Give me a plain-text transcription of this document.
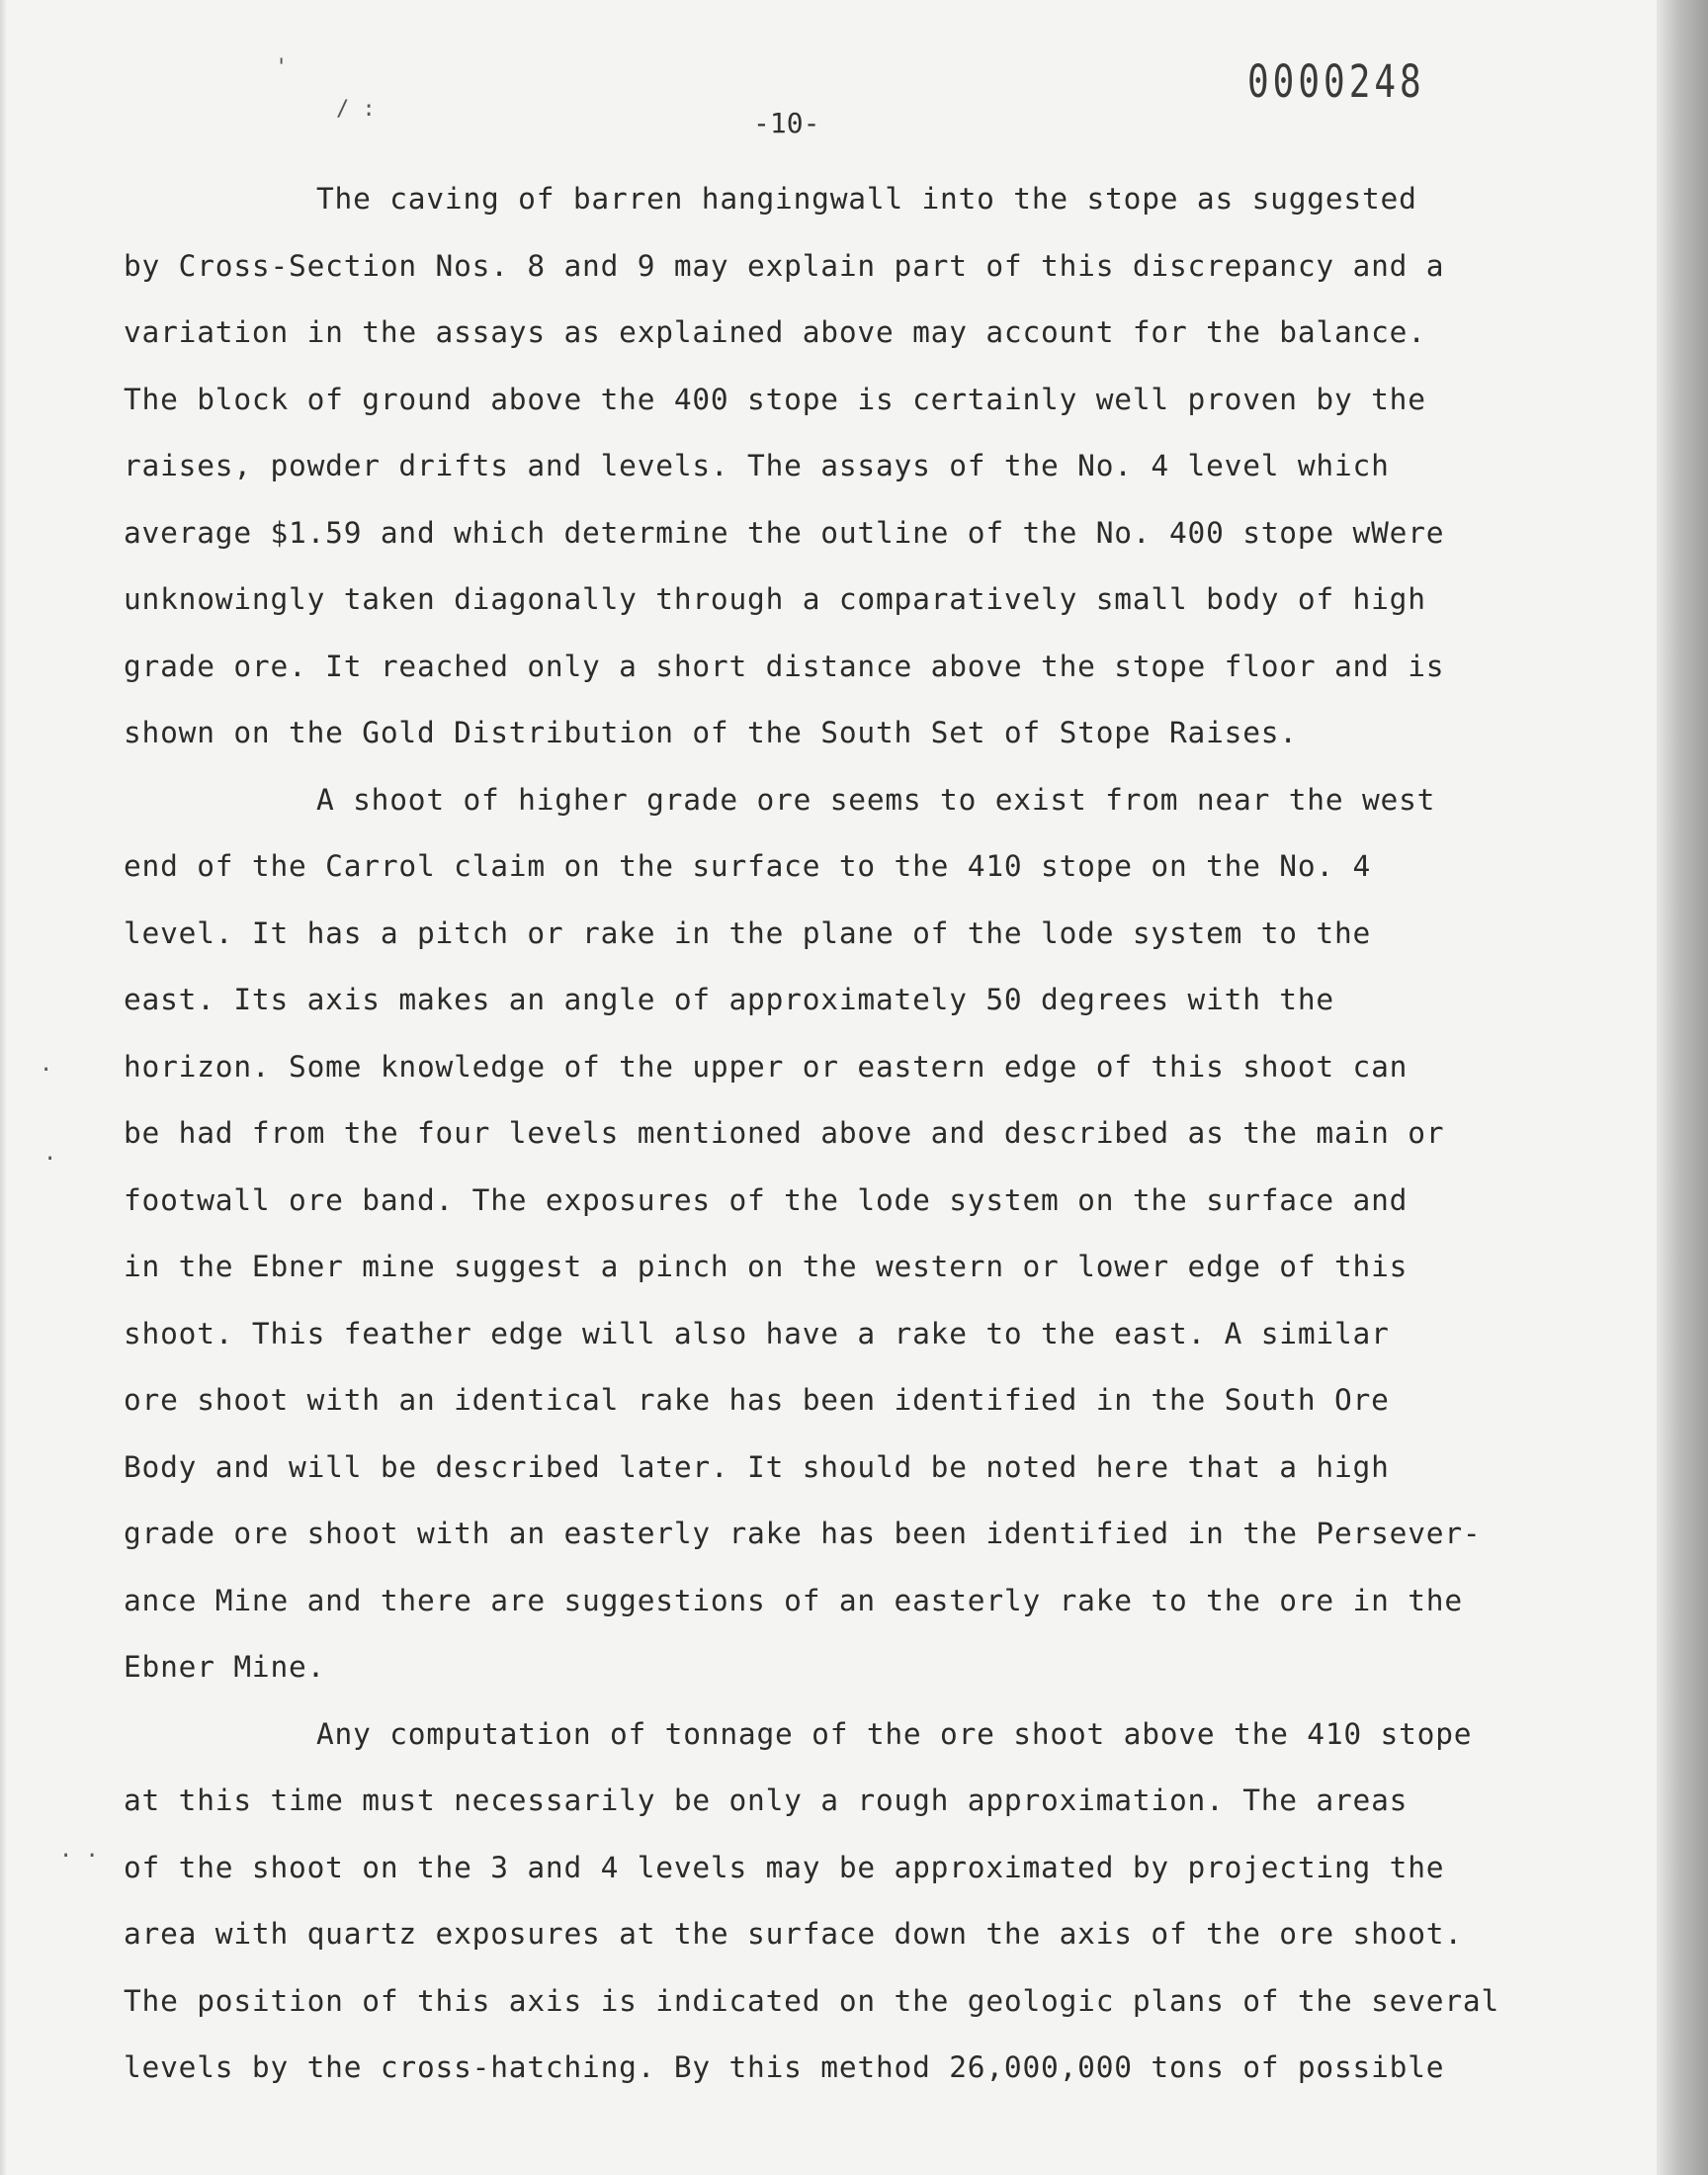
0000248
-10-
The caving of barren hangingwall into the stope as suggested
by Cross-Section Nos. 8 and 9 may explain part of this discrepancy and a
variation in the assays as explained above may account for the balance.
The block of ground above the 400 stope is certainly well proven by the
raises, powder drifts and levels. The assays of the No. 4 level which
average $1.59 and which determine the outline of the No. 400 stope wWere
unknowingly taken diagonally through a comparatively small body of high
grade ore. It reached only a short distance above the stope floor and is
shown on the Gold Distribution of the South Set of Stope Raises.
A shoot of higher grade ore seems to exist from near the west
end of the Carrol claim on the surface to the 410 stope on the No. 4
level. It has a pitch or rake in the plane of the lode system to the
east. Its axis makes an angle of approximately 50 degrees with the
horizon. Some knowledge of the upper or eastern edge of this shoot can
be had from the four levels mentioned above and described as the main or
footwall ore band. The exposures of the lode system on the surface and
in the Ebner mine suggest a pinch on the western or lower edge of this
shoot. This feather edge will also have a rake to the east. A similar
ore shoot with an identical rake has been identified in the South Ore
Body and will be described later. It should be noted here that a high
grade ore shoot with an easterly rake has been identified in the Persever-
ance Mine and there are suggestions of an easterly rake to the ore in the
Ebner Mine.
Any computation of tonnage of the ore shoot above the 410 stope
at this time must necessarily be only a rough approximation. The areas
of the shoot on the 3 and 4 levels may be approximated by projecting the
area with quartz exposures at the surface down the axis of the ore shoot.
The position of this axis is indicated on the geologic plans of the several
levels by the cross-hatching. By this method 26,000,000 tons of possible
'
/ :
·
·
· ·
